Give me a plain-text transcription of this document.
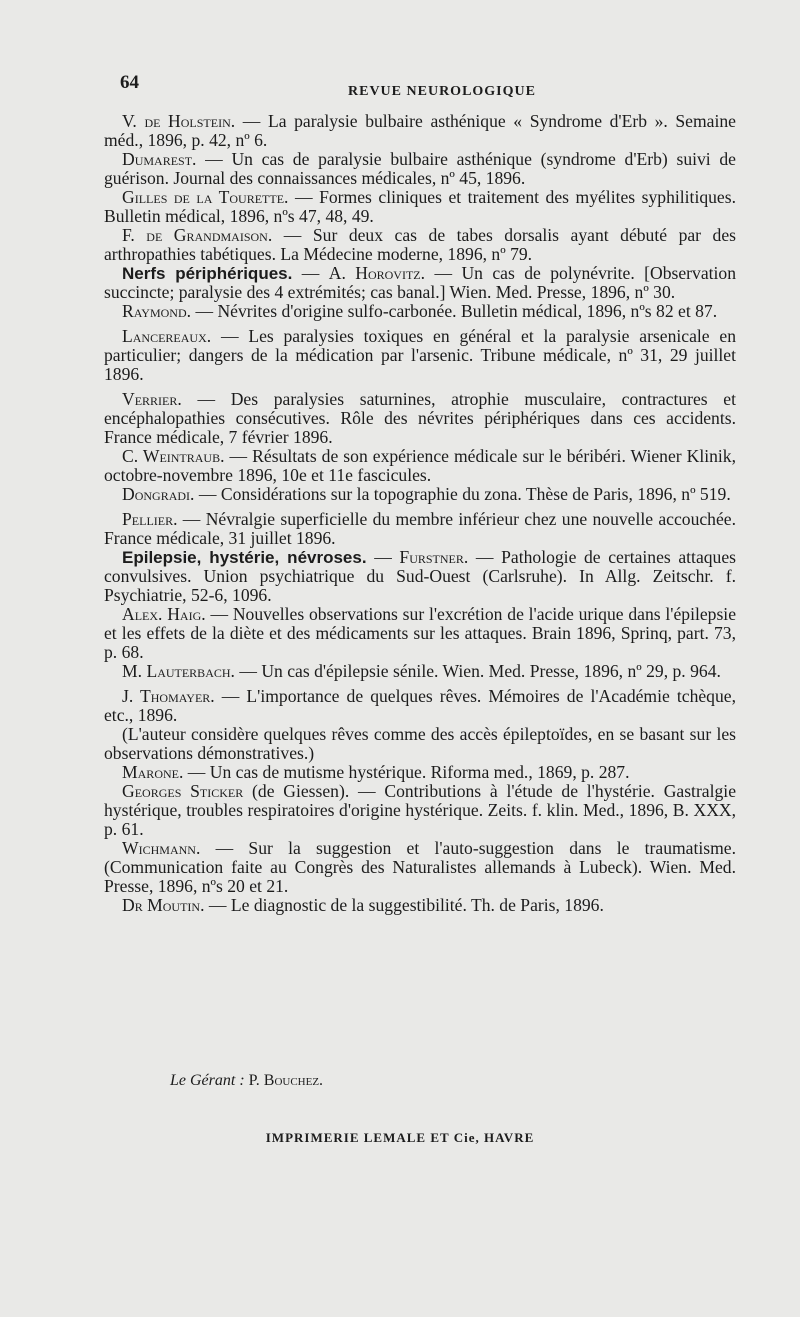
64	REVUE NEUROLOGIQUE

V. de Holstein. — La paralysie bulbaire asthénique « Syndrome d'Erb ». Semaine méd., 1896, p. 42, nº 6.

Dumarest. — Un cas de paralysie bulbaire asthénique (syndrome d'Erb) suivi de guérison. Journal des connaissances médicales, nº 45, 1896.

Gilles de la Tourette. — Formes cliniques et traitement des myélites syphilitiques. Bulletin médical, 1896, nºs 47, 48, 49.

F. de Grandmaison. — Sur deux cas de tabes dorsalis ayant débuté par des arthropathies tabétiques. La Médecine moderne, 1896, nº 79.

Nerfs périphériques. — A. Horovitz. — Un cas de polynévrite. [Observation succincte; paralysie des 4 extrémités; cas banal.] Wien. Med. Presse, 1896, nº 30.

Raymond. — Névrites d'origine sulfo-carbonée. Bulletin médical, 1896, nºs 82 et 87.

Lancereaux. — Les paralysies toxiques en général et la paralysie arsenicale en particulier; dangers de la médication par l'arsenic. Tribune médicale, nº 31, 29 juillet 1896.

Verrier. — Des paralysies saturnines, atrophie musculaire, contractures et encéphalopathies consécutives. Rôle des névrites périphériques dans ces accidents. France médicale, 7 février 1896.

C. Weintraub. — Résultats de son expérience médicale sur le béribéri. Wiener Klinik, octobre-novembre 1896, 10e et 11e fascicules.

Dongradi. — Considérations sur la topographie du zona. Thèse de Paris, 1896, nº 519.

Pellier. — Névralgie superficielle du membre inférieur chez une nouvelle accouchée. France médicale, 31 juillet 1896.

Epilepsie, hystérie, névroses. — Furstner. — Pathologie de certaines attaques convulsives. Union psychiatrique du Sud-Ouest (Carlsruhe). In Allg. Zeitschr. f. Psychiatrie, 52-6, 1096.

Alex. Haig. — Nouvelles observations sur l'excrétion de l'acide urique dans l'épilepsie et les effets de la diète et des médicaments sur les attaques. Brain 1896, Sprinq, part. 73, p. 68.

M. Lauterbach. — Un cas d'épilepsie sénile. Wien. Med. Presse, 1896, nº 29, p. 964.

J. Thomayer. — L'importance de quelques rêves. Mémoires de l'Académie tchèque, etc., 1896.

(L'auteur considère quelques rêves comme des accès épileptoïdes, en se basant sur les observations démonstratives.)

Marone. — Un cas de mutisme hystérique. Riforma med., 1869, p. 287.

Georges Sticker (de Giessen). — Contributions à l'étude de l'hystérie. Gastralgie hystérique, troubles respiratoires d'origine hystérique. Zeits. f. klin. Med., 1896, B. XXX, p. 61.

Wichmann. — Sur la suggestion et l'auto-suggestion dans le traumatisme. (Communication faite au Congrès des Naturalistes allemands à Lubeck). Wien. Med. Presse, 1896, nºs 20 et 21.

Dr Moutin. — Le diagnostic de la suggestibilité. Th. de Paris, 1896.

Le Gérant : P. Bouchez.
IMPRIMERIE LEMALE ET Cie, HAVRE
